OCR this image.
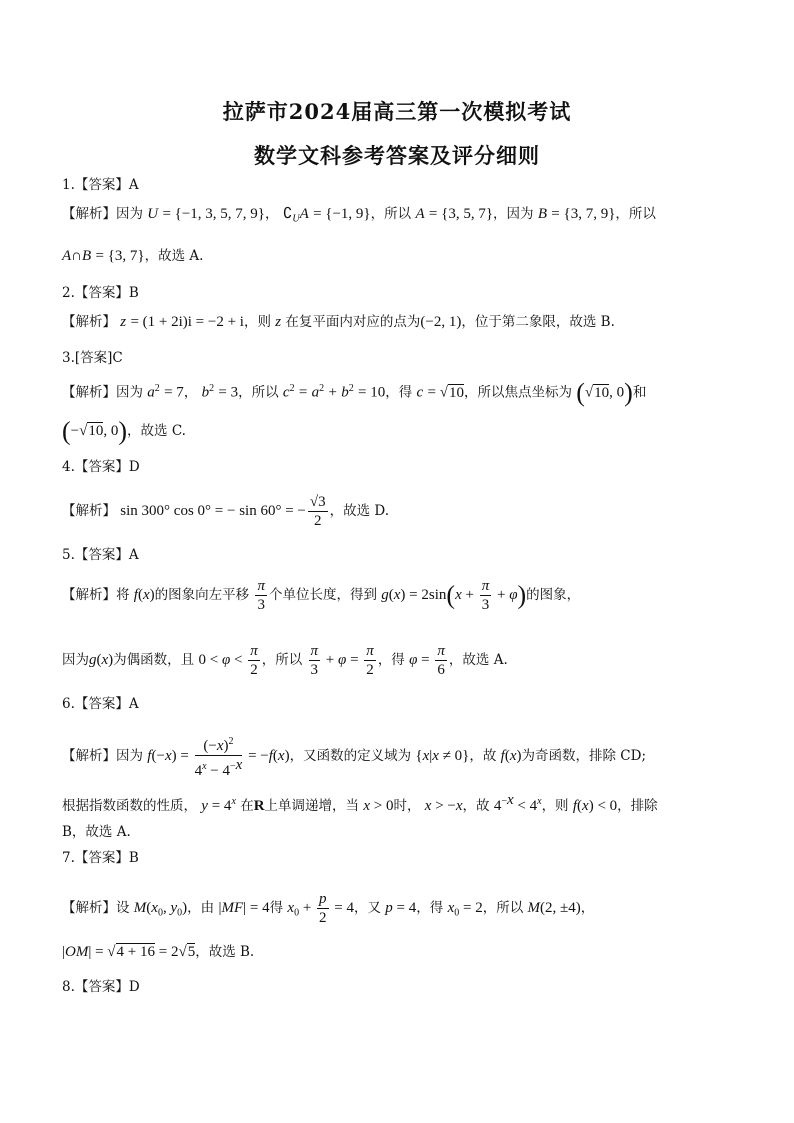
拉萨市2024届高三第一次模拟考试
数学文科参考答案及评分细则
1.【答案】A
【解析】因为 U = {−1, 3, 5, 7, 9}， $∁_UA = \{-1$, 9}，所以 A = {3, 5, 7}，因为 B = {3, 7, 9}，所以
A∩B = {3, 7}，故选 A.
2.【答案】B
【解析】 z = (1 + 2i)i = −2 + i，则 z 在复平面内对应的点为(−2, 1)，位于第二象限，故选 B.
3.[答案]C
【解析】因为 $a^2 = 7$， $b^2 = 3$，所以 $c^2 = a^2 + b^2 = 10$，得 c = √10，所以焦点坐标为 (√10, 0)和
(−√10, 0)，故选 C.
4.【答案】D
【解析】 sin 300° cos 0° = − sin 60° = − $\frac{√3}{2}$ ，故选 D.
5.【答案】A
【解析】将 f(x)的图象向左平移 $\frac{\pi}{3}$ 个单位长度，得到 $g(x) = 2\sin(x + \frac{\pi}{3} + \varphi)$的图象，
因为g(x)为偶函数，且 $0 < \varphi < \frac{\pi}{2}$ ，所以 $\frac{\pi}{3} + \varphi = \frac{\pi}{2}$ ，得 $\varphi = \frac{\pi}{6}$ ，故选 A.
6.【答案】A
【解析】因为 $f(-x) = \frac{(-x)^2}{4^x - 4^{-x}} = -f(x)$，又函数的定义域为 {x|x ≠ 0}，故 f(x)为奇函数，排除 CD;
根据指数函数的性质， $y = 4^x$ 在R上单调递增，当 x > 0时， x > −x，故 $4^{-x} < 4^x$，则 f(x) < 0，排除
B，故选 A.
7.【答案】B
【解析】设 $M(x_0$, $y_0$)，由 |MF| = 4得 $x_0 + \frac{p}{2} = 4$，又 p = 4，得 $x_0 = 2$，所以 M(2, ±4)，
|OM| = √4 + 16 = 2√5，故选 B.
8.【答案】D
